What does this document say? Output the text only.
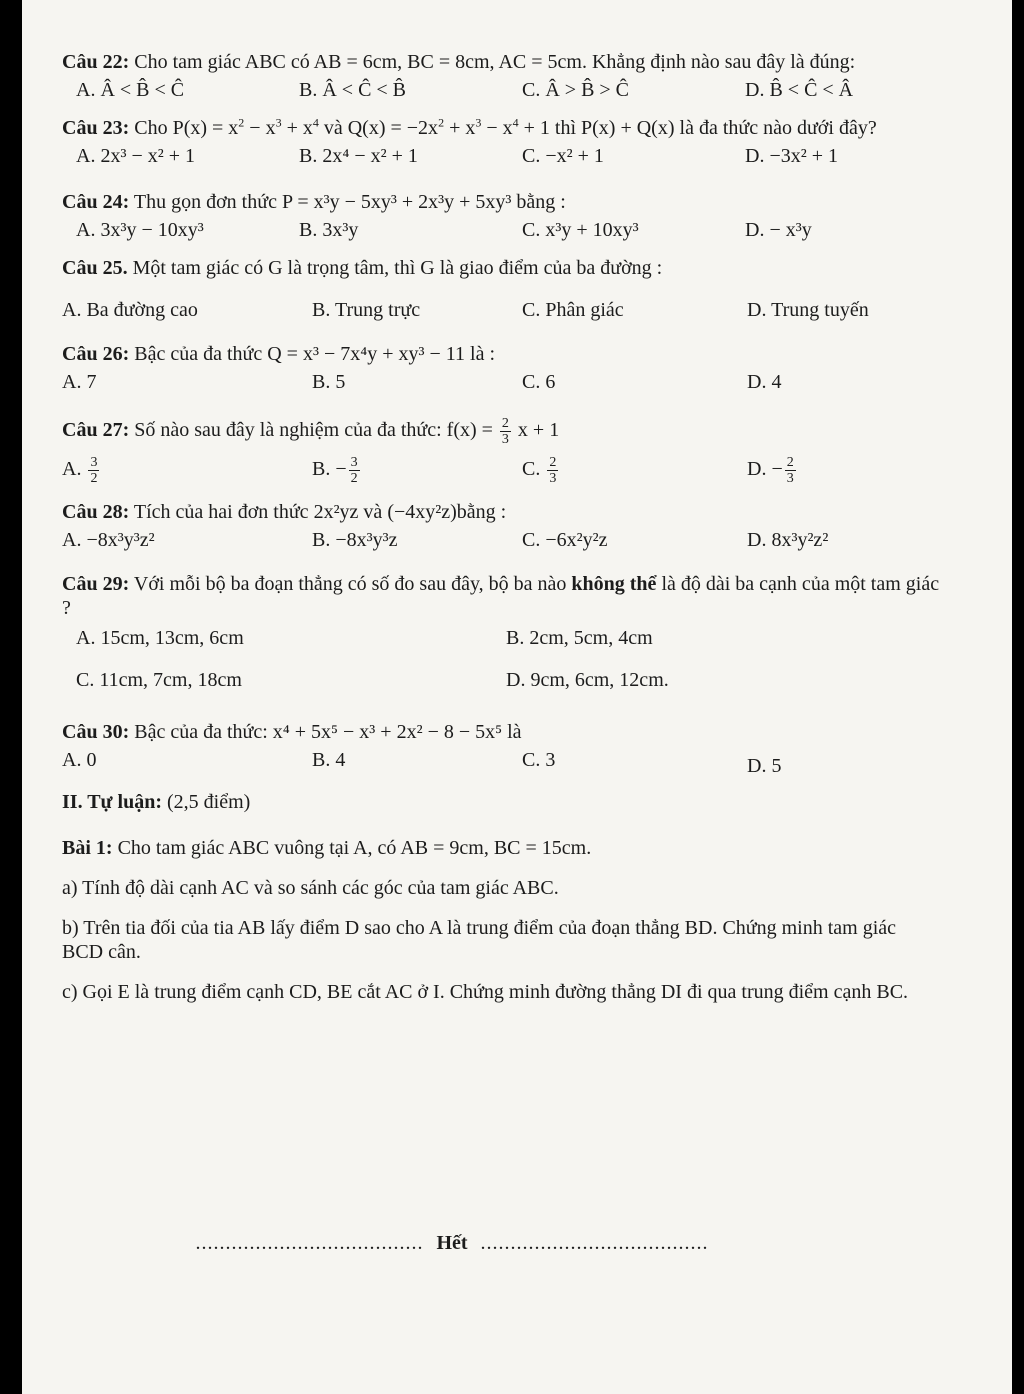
Câu 22: Cho tam giác ABC có AB = 6cm, BC = 8cm, AC = 5cm. Khẳng định nào sau đây là đúng:
A. Â < B̂ < Ĉ	B. Â < Ĉ < B̂	C. Â > B̂ > Ĉ	D. B̂ < Ĉ < Â
Câu 23: Cho $P(x) = x^2 - x^3 + x^4$ và $Q(x) = -2x^2 + x^3 - x^4 + 1$ thì P(x) + Q(x) là đa thức nào dưới đây?
A. 2x³ − x² + 1	B. 2x⁴ − x² + 1	C. −x² + 1	D. −3x² + 1
Câu 24: Thu gọn đơn thức P = x³y − 5xy³ + 2x³y + 5xy³ bằng :
A. 3x³y − 10xy³	B. 3x³y	C. x³y + 10xy³	D. − x³y
Câu 25. Một tam giác có G là trọng tâm, thì G là giao điểm của ba đường :
A. Ba đường cao	B. Trung trực	C. Phân giác	D. Trung tuyến
Câu 26: Bậc của đa thức Q = x³ − 7x⁴y + xy³ − 11 là :
A. 7	B. 5	C. 6	D. 4
Câu 27: Số nào sau đây là nghiệm của đa thức: $f(x) = \frac{2}{3}$ x + 1
A. $\frac{3}{2}$	B. − $\frac{3}{2}$	C. $\frac{2}{3}$	D. − $\frac{2}{3}$
Câu 28: Tích của hai đơn thức 2x²yz và (−4xy²z)bằng :
A. −8x³y³z²	B. −8x³y³z	C. −6x²y²z	D. 8x³y²z²
Câu 29: Với mỗi bộ ba đoạn thẳng có số đo sau đây, bộ ba nào không thể là độ dài ba cạnh của một tam giác ?
A. 15cm, 13cm, 6cm	B. 2cm, 5cm, 4cm
C. 11cm, 7cm, 18cm	D. 9cm, 6cm, 12cm.
Câu 30: Bậc của đa thức: x⁴ + 5x⁵ − x³ + 2x² − 8 − 5x⁵ là
A. 0	B. 4	C. 3	D. 5
II. Tự luận: (2,5 điểm)
Bài 1: Cho tam giác ABC vuông tại A, có AB = 9cm, BC = 15cm.
a) Tính độ dài cạnh AC và so sánh các góc của tam giác ABC.
b) Trên tia đối của tia AB lấy điểm D sao cho A là trung điểm của đoạn thẳng BD. Chứng minh tam giác BCD cân.
c) Gọi E là trung điểm cạnh CD, BE cắt AC ở I. Chứng minh đường thẳng DI đi qua trung điểm cạnh BC.
...................................... Hết ......................................
